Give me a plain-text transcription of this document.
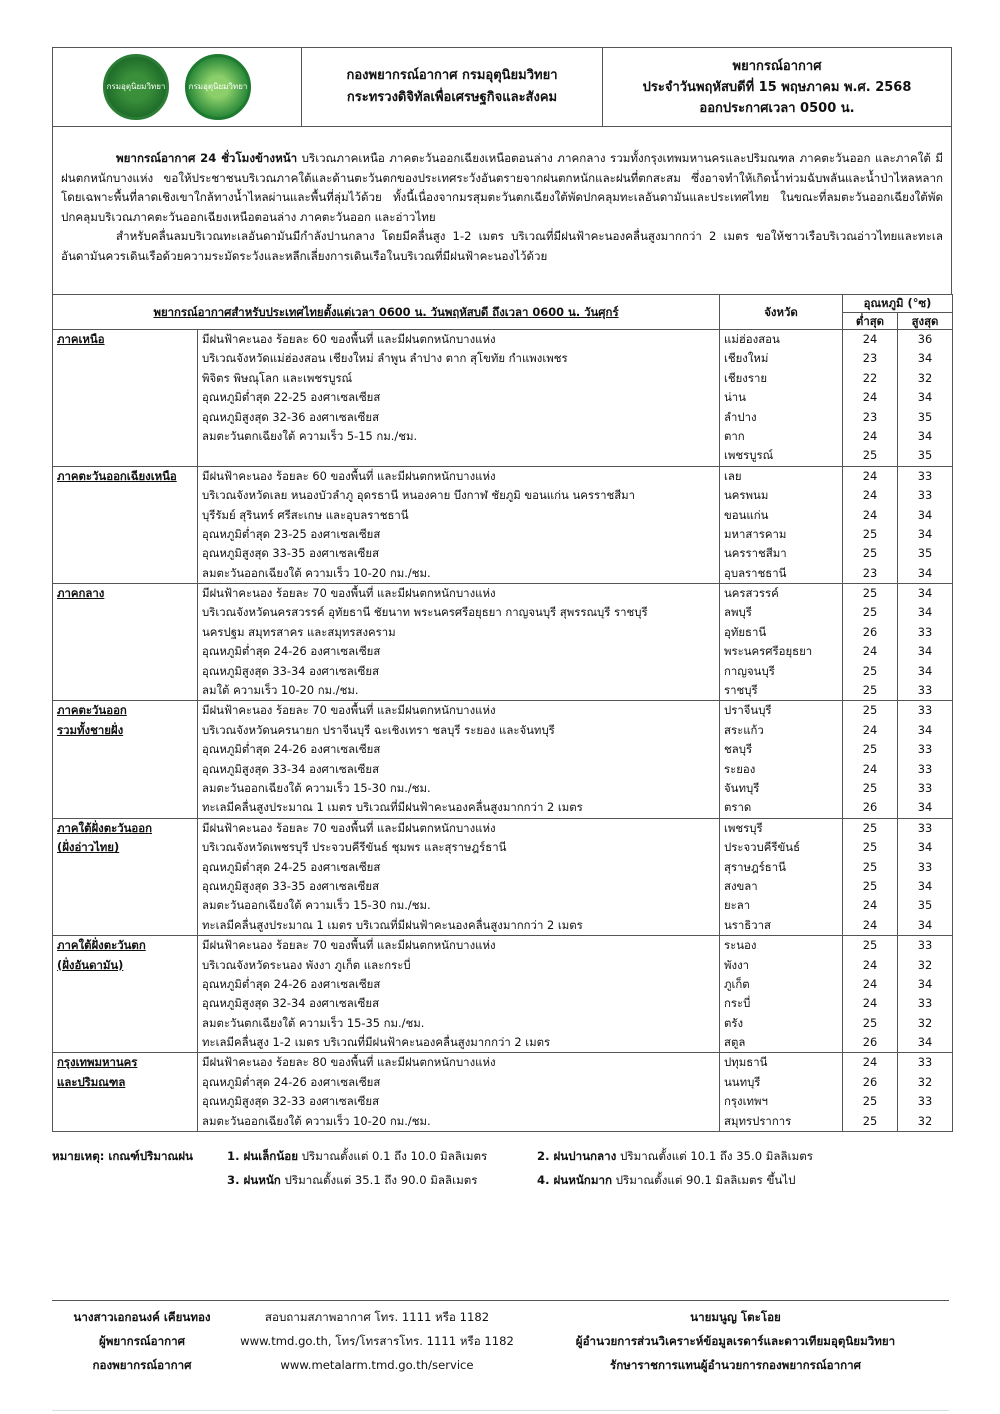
กรมอุตุนิยมวิทยา	กรมอุตุนิยมวิทยา
กองพยากรณ์อากาศ กรมอุตุนิยมวิทยา
กระทรวงดิจิทัลเพื่อเศรษฐกิจและสังคม
พยากรณ์อากาศ
ประจำวันพฤหัสบดีที่ 15 พฤษภาคม พ.ศ. 2568
ออกประกาศเวลา 0500 น.

พยากรณ์อากาศ 24 ชั่วโมงข้างหน้า บริเวณภาคเหนือ ภาคตะวันออกเฉียงเหนือตอนล่าง ภาคกลาง รวมทั้งกรุงเทพมหานครและปริมณฑล ภาคตะวันออก และภาคใต้ มีฝนตกหนักบางแห่ง ขอให้ประชาชนบริเวณภาคใต้และด้านตะวันตกของประเทศระวังอันตรายจากฝนตกหนักและฝนที่ตกสะสม ซึ่งอาจทำให้เกิดน้ำท่วมฉับพลันและน้ำป่าไหลหลาก โดยเฉพาะพื้นที่ลาดเชิงเขาใกล้ทางน้ำไหลผ่านและพื้นที่ลุ่มไว้ด้วย ทั้งนี้เนื่องจากมรสุมตะวันตกเฉียงใต้พัดปกคลุมทะเลอันดามันและประเทศไทย ในขณะที่ลมตะวันออกเฉียงใต้พัดปกคลุมบริเวณภาคตะวันออกเฉียงเหนือตอนล่าง ภาคตะวันออก และอ่าวไทย

สำหรับคลื่นลมบริเวณทะเลอันดามันมีกำลังปานกลาง โดยมีคลื่นสูง 1-2 เมตร บริเวณที่มีฝนฟ้าคะนองคลื่นสูงมากกว่า 2 เมตร ขอให้ชาวเรือบริเวณอ่าวไทยและทะเลอันดามันควรเดินเรือด้วยความระมัดระวังและหลีกเลี่ยงการเดินเรือในบริเวณที่มีฝนฟ้าคะนองไว้ด้วย

พยากรณ์อากาศสำหรับประเทศไทยตั้งแต่เวลา 0600 น. วันพฤหัสบดี ถึงเวลา 0600 น. วันศุกร์		จังหวัด	อุณหภูมิ (°ซ)	
			ต่ำสุด	สูงสุด
ภาคเหนือ	มีฝนฟ้าคะนอง ร้อยละ 60 ของพื้นที่ และมีฝนตกหนักบางแห่ง	แม่ฮ่องสอน	24	36
	บริเวณจังหวัดแม่ฮ่องสอน เชียงใหม่ ลำพูน ลำปาง ตาก สุโขทัย กำแพงเพชร	เชียงใหม่	23	34
	พิจิตร พิษณุโลก และเพชรบูรณ์	เชียงราย	22	32
	อุณหภูมิต่ำสุด 22-25 องศาเซลเซียส	น่าน	24	34
	อุณหภูมิสูงสุด 32-36 องศาเซลเซียส	ลำปาง	23	35
	ลมตะวันตกเฉียงใต้ ความเร็ว 5-15 กม./ชม.	ตาก	24	34
		เพชรบูรณ์	25	35
ภาคตะวันออกเฉียงเหนือ	มีฝนฟ้าคะนอง ร้อยละ 60 ของพื้นที่ และมีฝนตกหนักบางแห่ง	เลย	24	33
	บริเวณจังหวัดเลย หนองบัวลำภู อุดรธานี หนองคาย บึงกาฬ ชัยภูมิ ขอนแก่น นครราชสีมา	นครพนม	24	33
	บุรีรัมย์ สุรินทร์ ศรีสะเกษ และอุบลราชธานี	ขอนแก่น	24	34
	อุณหภูมิต่ำสุด 23-25 องศาเซลเซียส	มหาสารคาม	25	34
	อุณหภูมิสูงสุด 33-35 องศาเซลเซียส	นครราชสีมา	25	35
	ลมตะวันออกเฉียงใต้ ความเร็ว 10-20 กม./ชม.	อุบลราชธานี	23	34
ภาคกลาง	มีฝนฟ้าคะนอง ร้อยละ 70 ของพื้นที่ และมีฝนตกหนักบางแห่ง	นครสวรรค์	25	34
	บริเวณจังหวัดนครสวรรค์ อุทัยธานี ชัยนาท พระนครศรีอยุธยา กาญจนบุรี สุพรรณบุรี ราชบุรี	ลพบุรี	25	34
	นครปฐม สมุทรสาคร และสมุทรสงคราม	อุทัยธานี	26	33
	อุณหภูมิต่ำสุด 24-26 องศาเซลเซียส	พระนครศรีอยุธยา	24	34
	อุณหภูมิสูงสุด 33-34 องศาเซลเซียส	กาญจนบุรี	25	34
	ลมใต้ ความเร็ว 10-20 กม./ชม.	ราชบุรี	25	33
ภาคตะวันออก	มีฝนฟ้าคะนอง ร้อยละ 70 ของพื้นที่ และมีฝนตกหนักบางแห่ง	ปราจีนบุรี	25	33
รวมทั้งชายฝั่ง	บริเวณจังหวัดนครนายก ปราจีนบุรี ฉะเชิงเทรา ชลบุรี ระยอง และจันทบุรี	สระแก้ว	24	34
	อุณหภูมิต่ำสุด 24-26 องศาเซลเซียส	ชลบุรี	25	33
	อุณหภูมิสูงสุด 33-34 องศาเซลเซียส	ระยอง	24	33
	ลมตะวันออกเฉียงใต้ ความเร็ว 15-30 กม./ชม.	จันทบุรี	25	33
	ทะเลมีคลื่นสูงประมาณ 1 เมตร บริเวณที่มีฝนฟ้าคะนองคลื่นสูงมากกว่า 2 เมตร	ตราด	26	34
ภาคใต้ฝั่งตะวันออก	มีฝนฟ้าคะนอง ร้อยละ 70 ของพื้นที่ และมีฝนตกหนักบางแห่ง	เพชรบุรี	25	33
(ฝั่งอ่าวไทย)	บริเวณจังหวัดเพชรบุรี ประจวบคีรีขันธ์ ชุมพร และสุราษฎร์ธานี	ประจวบคีรีขันธ์	25	34
	อุณหภูมิต่ำสุด 24-25 องศาเซลเซียส	สุราษฎร์ธานี	25	33
	อุณหภูมิสูงสุด 33-35 องศาเซลเซียส	สงขลา	25	34
	ลมตะวันออกเฉียงใต้ ความเร็ว 15-30 กม./ชม.	ยะลา	24	35
	ทะเลมีคลื่นสูงประมาณ 1 เมตร บริเวณที่มีฝนฟ้าคะนองคลื่นสูงมากกว่า 2 เมตร	นราธิวาส	24	34
ภาคใต้ฝั่งตะวันตก	มีฝนฟ้าคะนอง ร้อยละ 70 ของพื้นที่ และมีฝนตกหนักบางแห่ง	ระนอง	25	33
(ฝั่งอันดามัน)	บริเวณจังหวัดระนอง พังงา ภูเก็ต และกระบี่	พังงา	24	32
	อุณหภูมิต่ำสุด 24-26 องศาเซลเซียส	ภูเก็ต	24	34
	อุณหภูมิสูงสุด 32-34 องศาเซลเซียส	กระบี่	24	33
	ลมตะวันตกเฉียงใต้ ความเร็ว 15-35 กม./ชม.	ตรัง	25	32
	ทะเลมีคลื่นสูง 1-2 เมตร บริเวณที่มีฝนฟ้าคะนองคลื่นสูงมากกว่า 2 เมตร	สตูล	26	34
กรุงเทพมหานคร	มีฝนฟ้าคะนอง ร้อยละ 80 ของพื้นที่ และมีฝนตกหนักบางแห่ง	ปทุมธานี	24	33
และปริมณฑล	อุณหภูมิต่ำสุด 24-26 องศาเซลเซียส	นนทบุรี	26	32
	อุณหภูมิสูงสุด 32-33 องศาเซลเซียส	กรุงเทพฯ	25	33
	ลมตะวันออกเฉียงใต้ ความเร็ว 10-20 กม./ชม.	สมุทรปราการ	25	32
หมายเหตุ: เกณฑ์ปริมาณฝน	1. ฝนเล็กน้อย ปริมาณตั้งแต่ 0.1 ถึง 10.0 มิลลิเมตร	2. ฝนปานกลาง ปริมาณตั้งแต่ 10.1 ถึง 35.0 มิลลิเมตร
3. ฝนหนัก ปริมาณตั้งแต่ 35.1 ถึง 90.0 มิลลิเมตร	4. ฝนหนักมาก ปริมาณตั้งแต่ 90.1 มิลลิเมตร ขึ้นไป
นางสาวเอกอนงค์ เคียนทอง
ผู้พยากรณ์อากาศ
กองพยากรณ์อากาศ
สอบถามสภาพอากาศ โทร. 1111 หรือ 1182
www.tmd.go.th, โทร/โทรสารโทร. 1111 หรือ 1182
www.metalarm.tmd.go.th/service
นายมนูญ โตะโอย
ผู้อำนวยการส่วนวิเคราะห์ข้อมูลเรดาร์และดาวเทียมอุตุนิยมวิทยา
รักษาราชการแทนผู้อำนวยการกองพยากรณ์อากาศ
